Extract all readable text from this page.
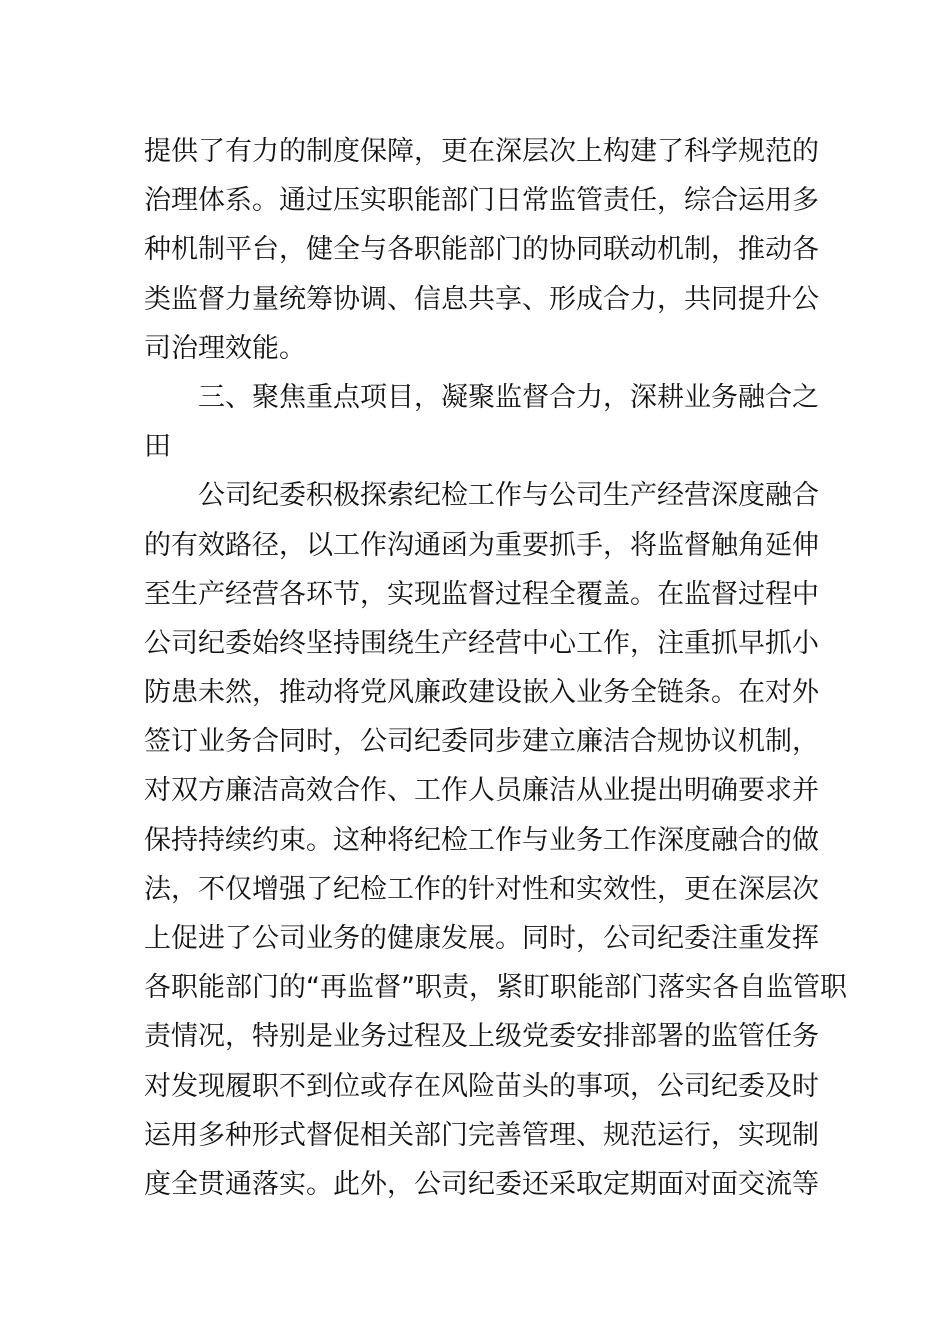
提供了有力的制度保障，更在深层次上构建了科学规范的
治理体系。通过压实职能部门日常监管责任，综合运用多
种机制平台，健全与各职能部门的协同联动机制，推动各
类监督力量统筹协调、信息共享、形成合力，共同提升公
司治理效能。
三、聚焦重点项目，凝聚监督合力，深耕业务融合之
田
公司纪委积极探索纪检工作与公司生产经营深度融合
的有效路径，以工作沟通函为重要抓手，将监督触角延伸
至生产经营各环节，实现监督过程全覆盖。在监督过程中
公司纪委始终坚持围绕生产经营中心工作，注重抓早抓小
防患未然，推动将党风廉政建设嵌入业务全链条。在对外
签订业务合同时，公司纪委同步建立廉洁合规协议机制，
对双方廉洁高效合作、工作人员廉洁从业提出明确要求并
保持持续约束。这种将纪检工作与业务工作深度融合的做
法，不仅增强了纪检工作的针对性和实效性，更在深层次
上促进了公司业务的健康发展。同时，公司纪委注重发挥
各职能部门的“再监督”职责，紧盯职能部门落实各自监管职
责情况，特别是业务过程及上级党委安排部署的监管任务
对发现履职不到位或存在风险苗头的事项，公司纪委及时
运用多种形式督促相关部门完善管理、规范运行，实现制
度全贯通落实。此外，公司纪委还采取定期面对面交流等
